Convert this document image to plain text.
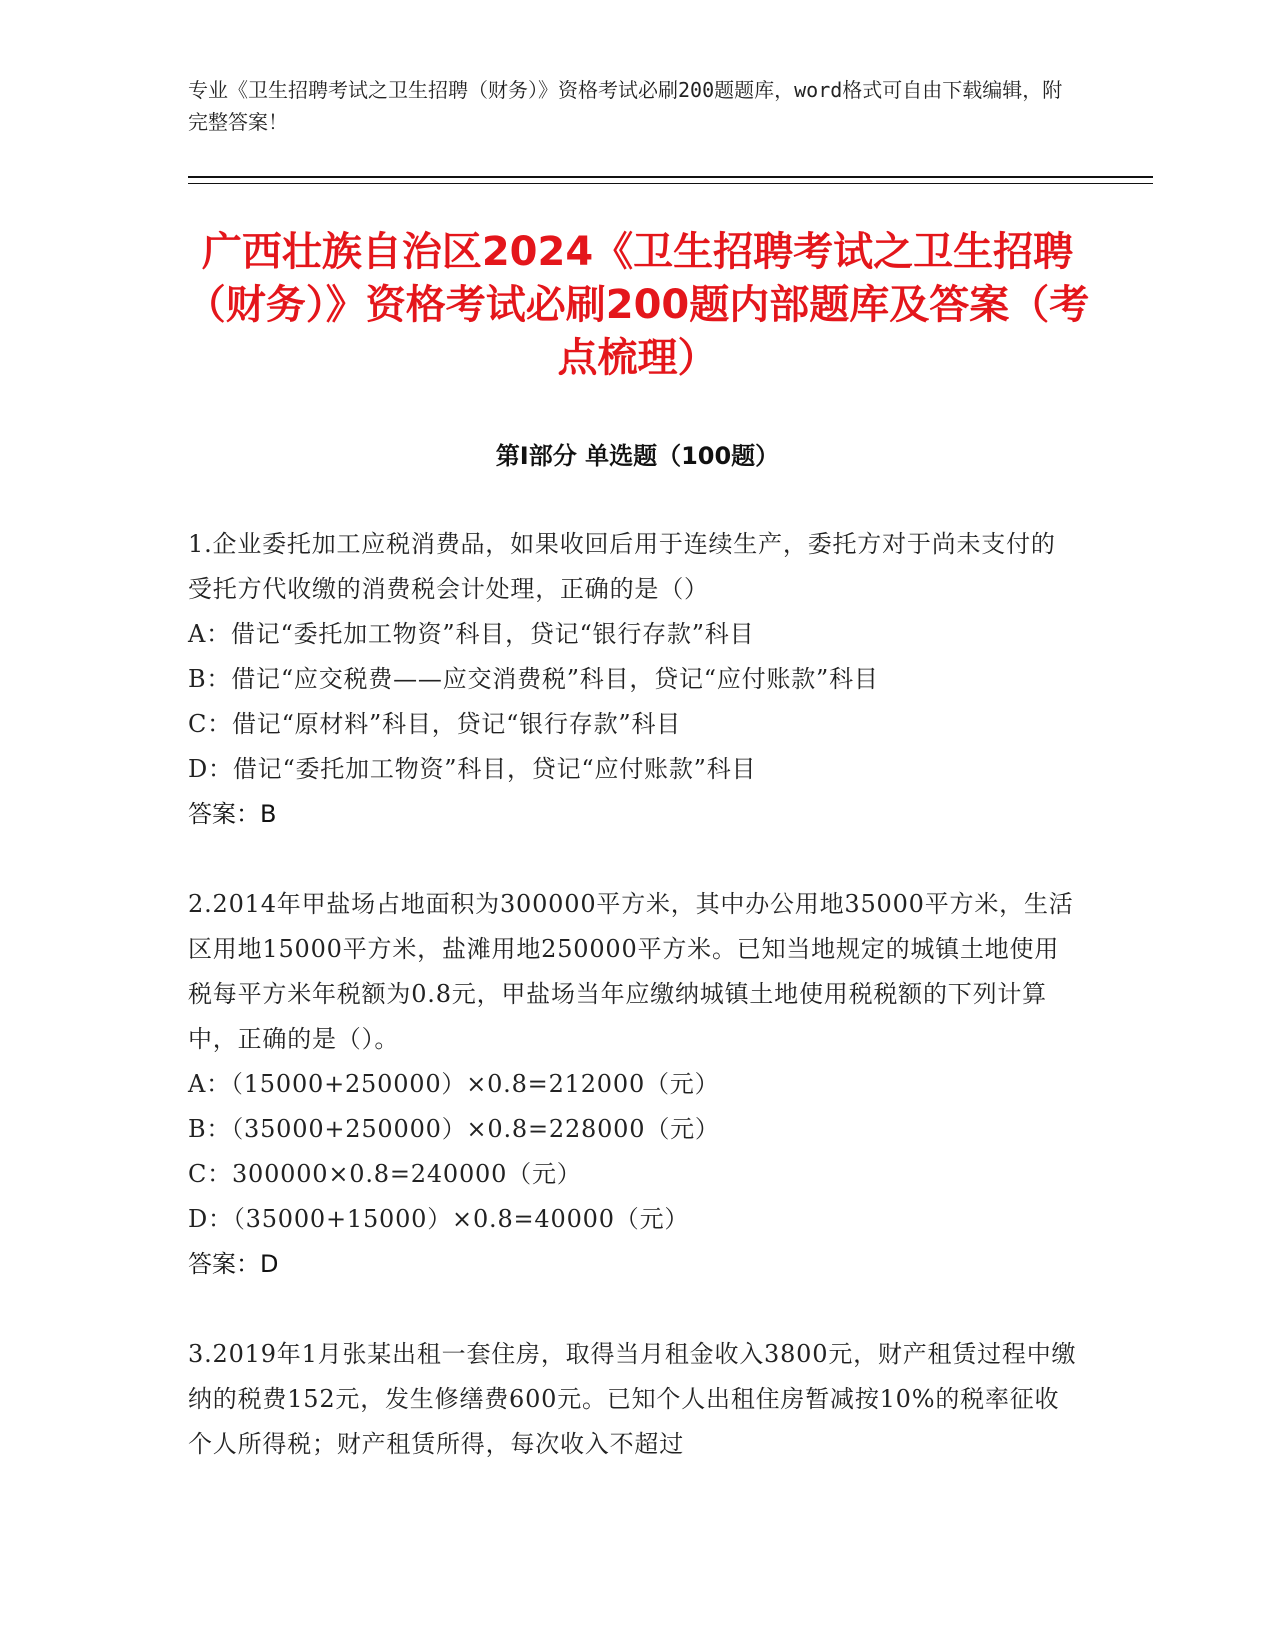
专业《卫生招聘考试之卫生招聘（财务）》资格考试必刷200题题库，word格式可自由下载编辑，附完整答案！

广西壮族自治区2024《卫生招聘考试之卫生招聘（财务）》资格考试必刷200题内部题库及答案（考点梳理）
第Ⅰ部分 单选题（100题）

1.企业委托加工应税消费品，如果收回后用于连续生产，委托方对于尚未支付的受托方代收缴的消费税会计处理，正确的是（）

A：借记“委托加工物资”科目，贷记“银行存款”科目

B：借记“应交税费——应交消费税”科目，贷记“应付账款”科目

C：借记“原材料”科目，贷记“银行存款”科目

D：借记“委托加工物资”科目，贷记“应付账款”科目

答案：B

2.2014年甲盐场占地面积为300000平方米，其中办公用地35000平方米，生活区用地15000平方米，盐滩用地250000平方米。已知当地规定的城镇土地使用税每平方米年税额为0.8元，甲盐场当年应缴纳城镇土地使用税税额的下列计算中，正确的是（）。

A：（15000+250000）×0.8=212000（元）

B：（35000+250000）×0.8=228000（元）

C：300000×0.8=240000（元）

D：（35000+15000）×0.8=40000（元）

答案：D

3.2019年1月张某出租一套住房，取得当月租金收入3800元，财产租赁过程中缴纳的税费152元，发生修缮费600元。已知个人出租住房暂减按10%的税率征收个人所得税；财产租赁所得，每次收入不超过
